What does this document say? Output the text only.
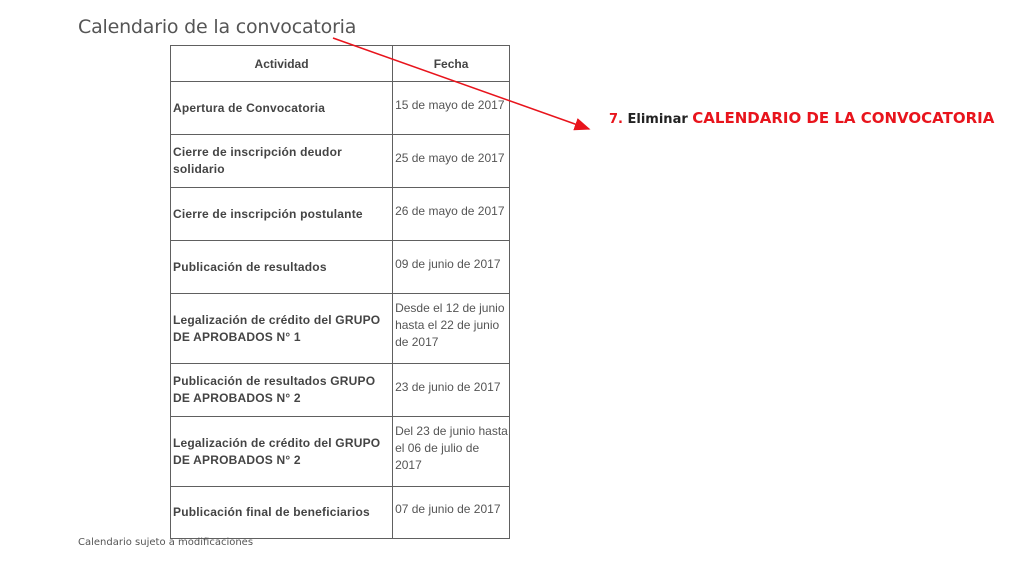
Calendario de la convocatoria
Actividad	Fecha
Apertura de Convocatoria	15 de mayo de 2017

Cierre de inscripción deudor solidario	25 de mayo de 2017

Cierre de inscripción postulante	26 de mayo de 2017

Publicación de resultados	09 de junio de 2017

Legalización de crédito del GRUPO DE APROBADOS N° 1	Desde el 12 de junio hasta el 22 de junio de 2017

Publicación de resultados GRUPO DE APROBADOS N° 2	23 de junio de 2017

Legalización de crédito del GRUPO DE APROBADOS N° 2	Del 23 de junio hasta el 06 de julio de 2017

Publicación final de beneficiarios	07 de junio de 2017
Calendario sujeto a modificaciones
7. Eliminar CALENDARIO DE LA CONVOCATORIA
